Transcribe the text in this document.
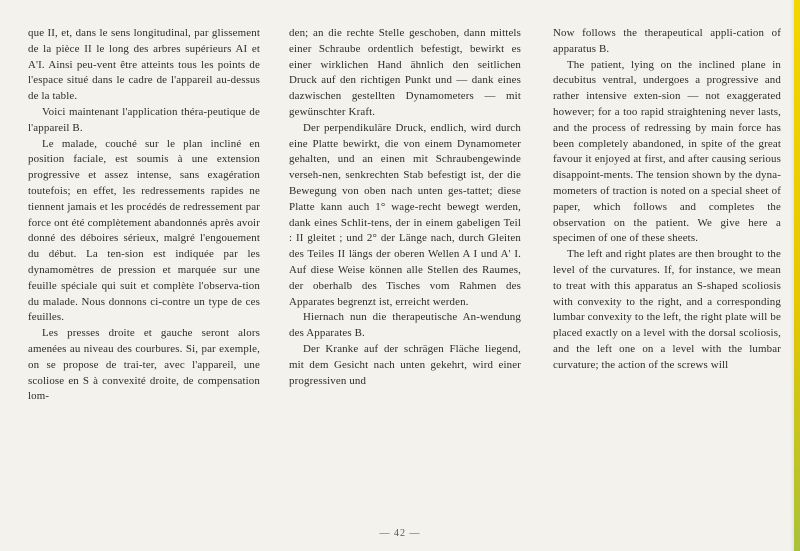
que II, et, dans le sens longitudinal, par glissement de la pièce II le long des arbres supérieurs AI et A'I. Ainsi peu-vent être atteints tous les points de l'espace situé dans le cadre de l'appareil au-dessus de la table.

Voici maintenant l'application théra-peutique de l'appareil B.

Le malade, couché sur le plan incliné en position faciale, est soumis à une extension progressive et assez intense, sans exagération toutefois; en effet, les redressements rapides ne tiennent jamais et les procédés de redressement par force ont été complètement abandonnés après avoir donné des déboires sérieux, malgré l'engouement du début. La ten-sion est indiquée par les dynamomètres de pression et marquée sur une feuille spéciale qui suit et complète l'observa-tion du malade. Nous donnons ci-contre un type de ces feuilles.

Les presses droite et gauche seront alors amenées au niveau des courbures. Si, par exemple, on se propose de trai-ter, avec l'appareil, une scoliose en S à convexité droite, de compensation lom-

den; an die rechte Stelle geschoben, dann mittels einer Schraube ordentlich befestigt, bewirkt es einer wirklichen Hand ähnlich den seitlichen Druck auf den richtigen Punkt und — dank eines dazwischen gestellten Dynamometers — mit gewünschter Kraft.

Der perpendikuläre Druck, endlich, wird durch eine Platte bewirkt, die von einem Dynamometer gehalten, und an einen mit Schraubengewinde verseh-nen, senkrechten Stab befestigt ist, der die Bewegung von oben nach unten ges-tattet; diese Platte kann auch 1° wage-recht bewegt werden, dank eines Schlit-tens, der in einem gabeligen Teil : II gleitet ; und 2° der Länge nach, durch Gleiten des Teiles II längs der oberen Wellen A I und A' I. Auf diese Weise können alle Stellen des Raumes, der oberhalb des Tisches vom Rahmen des Apparates begrenzt ist, erreicht werden.

Hiernach nun die therapeutische An-wendung des Apparates B.

Der Kranke auf der schrägen Fläche liegend, mit dem Gesicht nach unten gekehrt, wird einer progressiven und

Now follows the therapeutical appli-cation of apparatus B.

The patient, lying on the inclined plane in decubitus ventral, undergoes a progressive and rather intensive exten-sion — not exaggerated however; for a too rapid straightening never lasts, and the process of redressing by main force has been completely abandoned, in spite of the great favour it enjoyed at first, and after causing serious disappoint-ments. The tension shown by the dyna-mometers of traction is noted on a special sheet of paper, which follows and completes the observation on the patient. We give here a specimen of one of these sheets.

The left and right plates are then brought to the level of the curvatures. If, for instance, we mean to treat with this apparatus an S-shaped scoliosis with convexity to the right, and a corresponding lumbar convexity to the left, the right plate will be placed exactly on a level with the dorsal scoliosis, and the left one on a level with the lumbar curvature; the action of the screws will

— 42 —
